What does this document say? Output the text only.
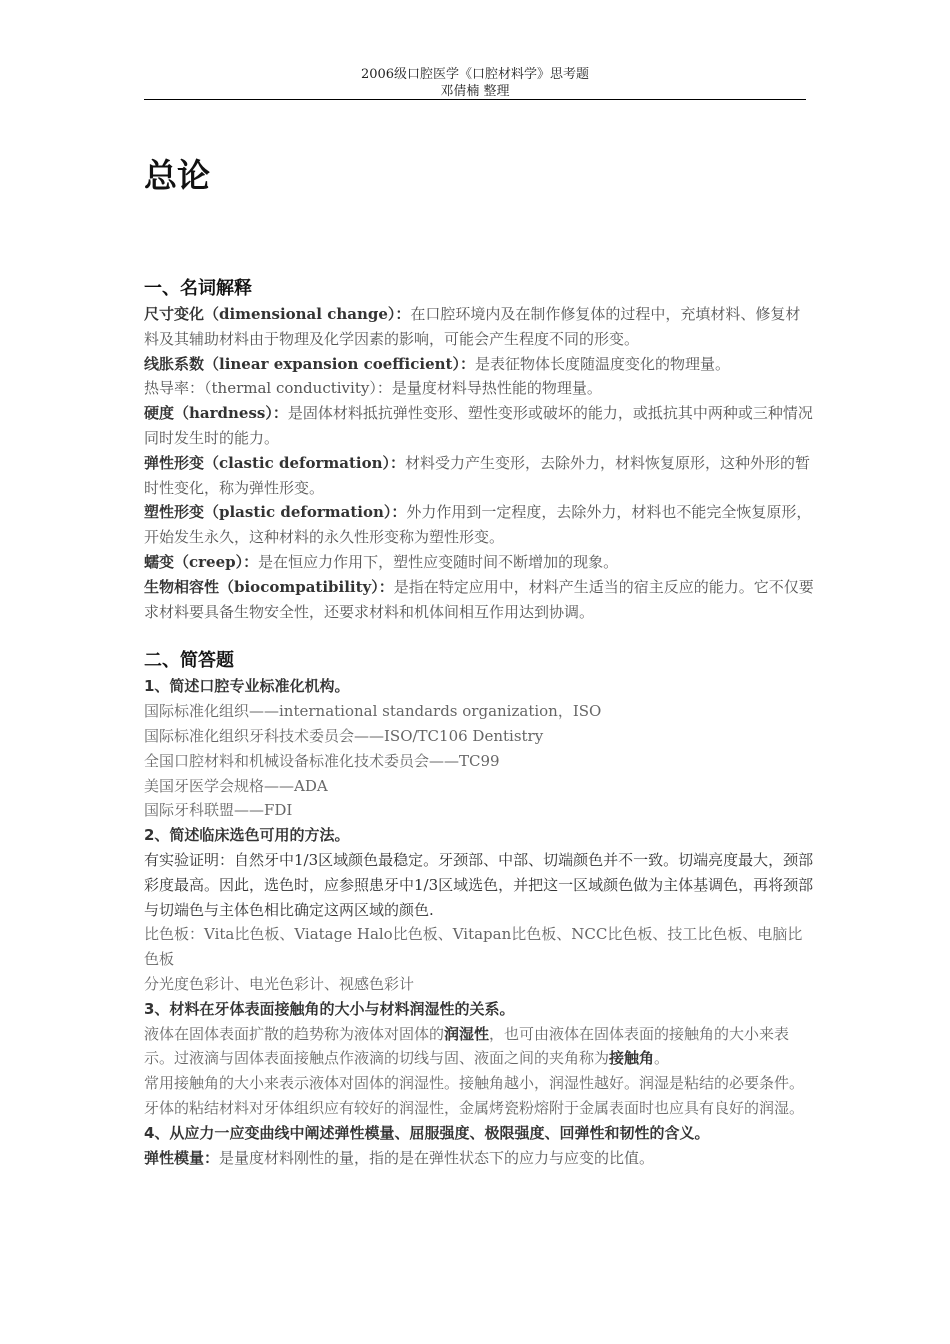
2006级口腔医学《口腔材料学》思考题
邓倩楠 整理
总论
一、名词解释

尺寸变化（dimensional change）：在口腔环境内及在制作修复体的过程中，充填材料、修复材料及其辅助材料由于物理及化学因素的影响，可能会产生程度不同的形变。

线胀系数（linear expansion coefficient）：是表征物体长度随温度变化的物理量。

热导率：（thermal conductivity）：是量度材料导热性能的物理量。

硬度（hardness）：是固体材料抵抗弹性变形、塑性变形或破坏的能力，或抵抗其中两种或三种情况同时发生时的能力。

弹性形变（clastic deformation）：材料受力产生变形，去除外力，材料恢复原形，这种外形的暂时性变化，称为弹性形变。

塑性形变（plastic deformation）：外力作用到一定程度，去除外力，材料也不能完全恢复原形，开始发生永久，这种材料的永久性形变称为塑性形变。

蠕变（creep）：是在恒应力作用下，塑性应变随时间不断增加的现象。

生物相容性（biocompatibility）：是指在特定应用中，材料产生适当的宿主反应的能力。它不仅要求材料要具备生物安全性，还要求材料和机体间相互作用达到协调。

二、简答题

1、简述口腔专业标准化机构。

国际标准化组织——international standards organization，ISO

国际标准化组织牙科技术委员会——ISO/TC106 Dentistry

全国口腔材料和机械设备标准化技术委员会——TC99

美国牙医学会规格——ADA

国际牙科联盟——FDI

2、简述临床选色可用的方法。

有实验证明：自然牙中1/3区域颜色最稳定。牙颈部、中部、切端颜色并不一致。切端亮度最大，颈部彩度最高。因此，选色时，应参照患牙中1/3区域选色，并把这一区域颜色做为主体基调色，再将颈部与切端色与主体色相比确定这两区域的颜色.

比色板：Vita比色板、Viatage Halo比色板、Vitapan比色板、NCC比色板、技工比色板、电脑比色板

分光度色彩计、电光色彩计、视感色彩计

3、材料在牙体表面接触角的大小与材料润湿性的关系。

液体在固体表面扩散的趋势称为液体对固体的润湿性，也可由液体在固体表面的接触角的大小来表示。过液滴与固体表面接触点作液滴的切线与固、液面之间的夹角称为接触角。

常用接触角的大小来表示液体对固体的润湿性。接触角越小，润湿性越好。润湿是粘结的必要条件。牙体的粘结材料对牙体组织应有较好的润湿性，金属烤瓷粉熔附于金属表面时也应具有良好的润湿。

4、从应力一应变曲线中阐述弹性模量、屈服强度、极限强度、回弹性和韧性的含义。

弹性模量：是量度材料刚性的量，指的是在弹性状态下的应力与应变的比值。
